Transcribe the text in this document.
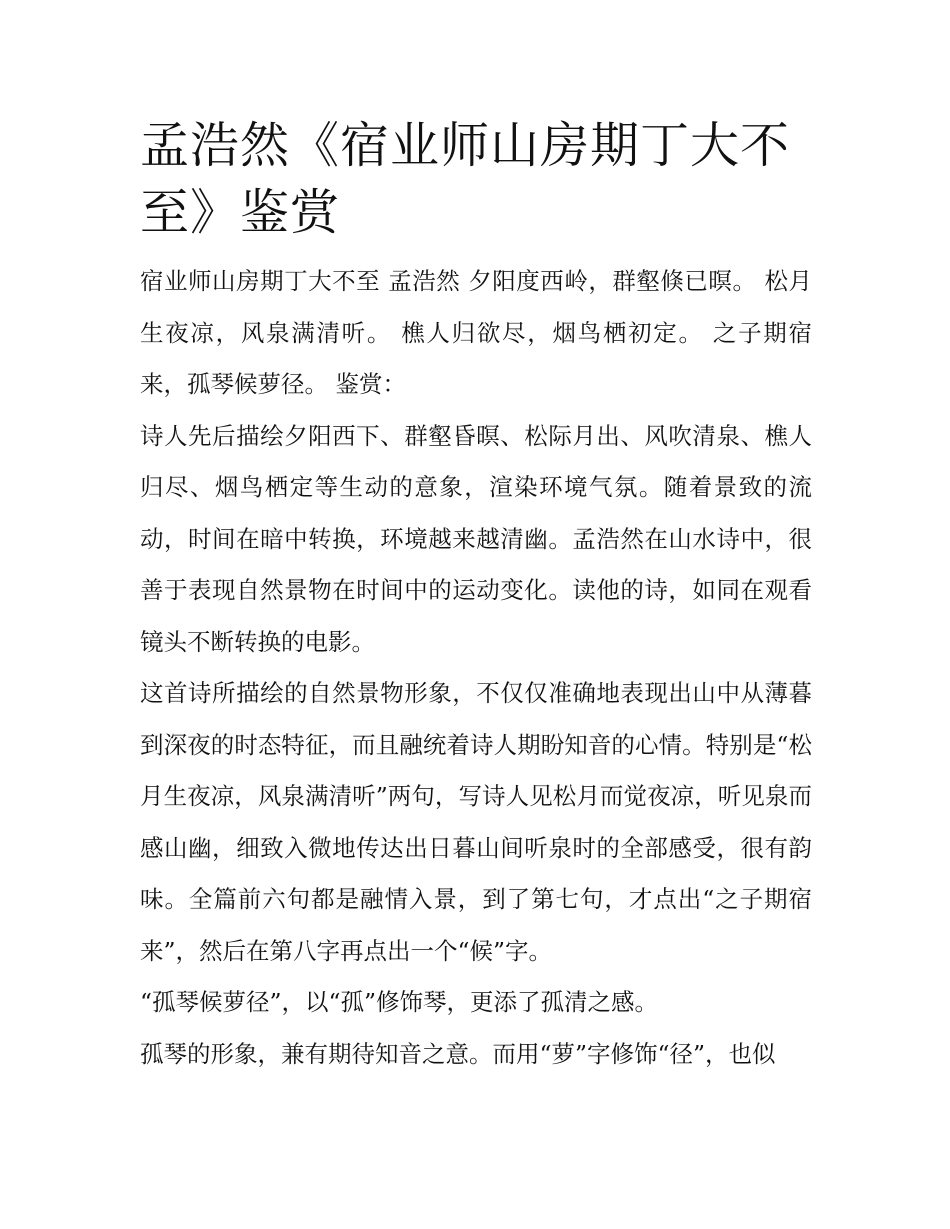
孟浩然《宿业师山房期丁大不至》鉴赏

宿业师山房期丁大不至 孟浩然 夕阳度西岭，群壑倏已暝。 松月生夜凉，风泉满清听。 樵人归欲尽，烟鸟栖初定。 之子期宿来，孤琴候萝径。 鉴赏：

诗人先后描绘夕阳西下、群壑昏暝、松际月出、风吹清泉、樵人归尽、烟鸟栖定等生动的意象，渲染环境气氛。随着景致的流动，时间在暗中转换，环境越来越清幽。孟浩然在山水诗中，很善于表现自然景物在时间中的运动变化。读他的诗，如同在观看镜头不断转换的电影。

这首诗所描绘的自然景物形象，不仅仅准确地表现出山中从薄暮到深夜的时态特征，而且融统着诗人期盼知音的心情。特别是“松月生夜凉，风泉满清听”两句，写诗人见松月而觉夜凉，听见泉而感山幽，细致入微地传达出日暮山间听泉时的全部感受，很有韵味。全篇前六句都是融情入景，到了第七句，才点出“之子期宿来”，然后在第八字再点出一个“候”字。

“孤琴候萝径”，以“孤”修饰琴，更添了孤清之感。

孤琴的形象，兼有期待知音之意。而用“萝”字修饰“径”，也似
